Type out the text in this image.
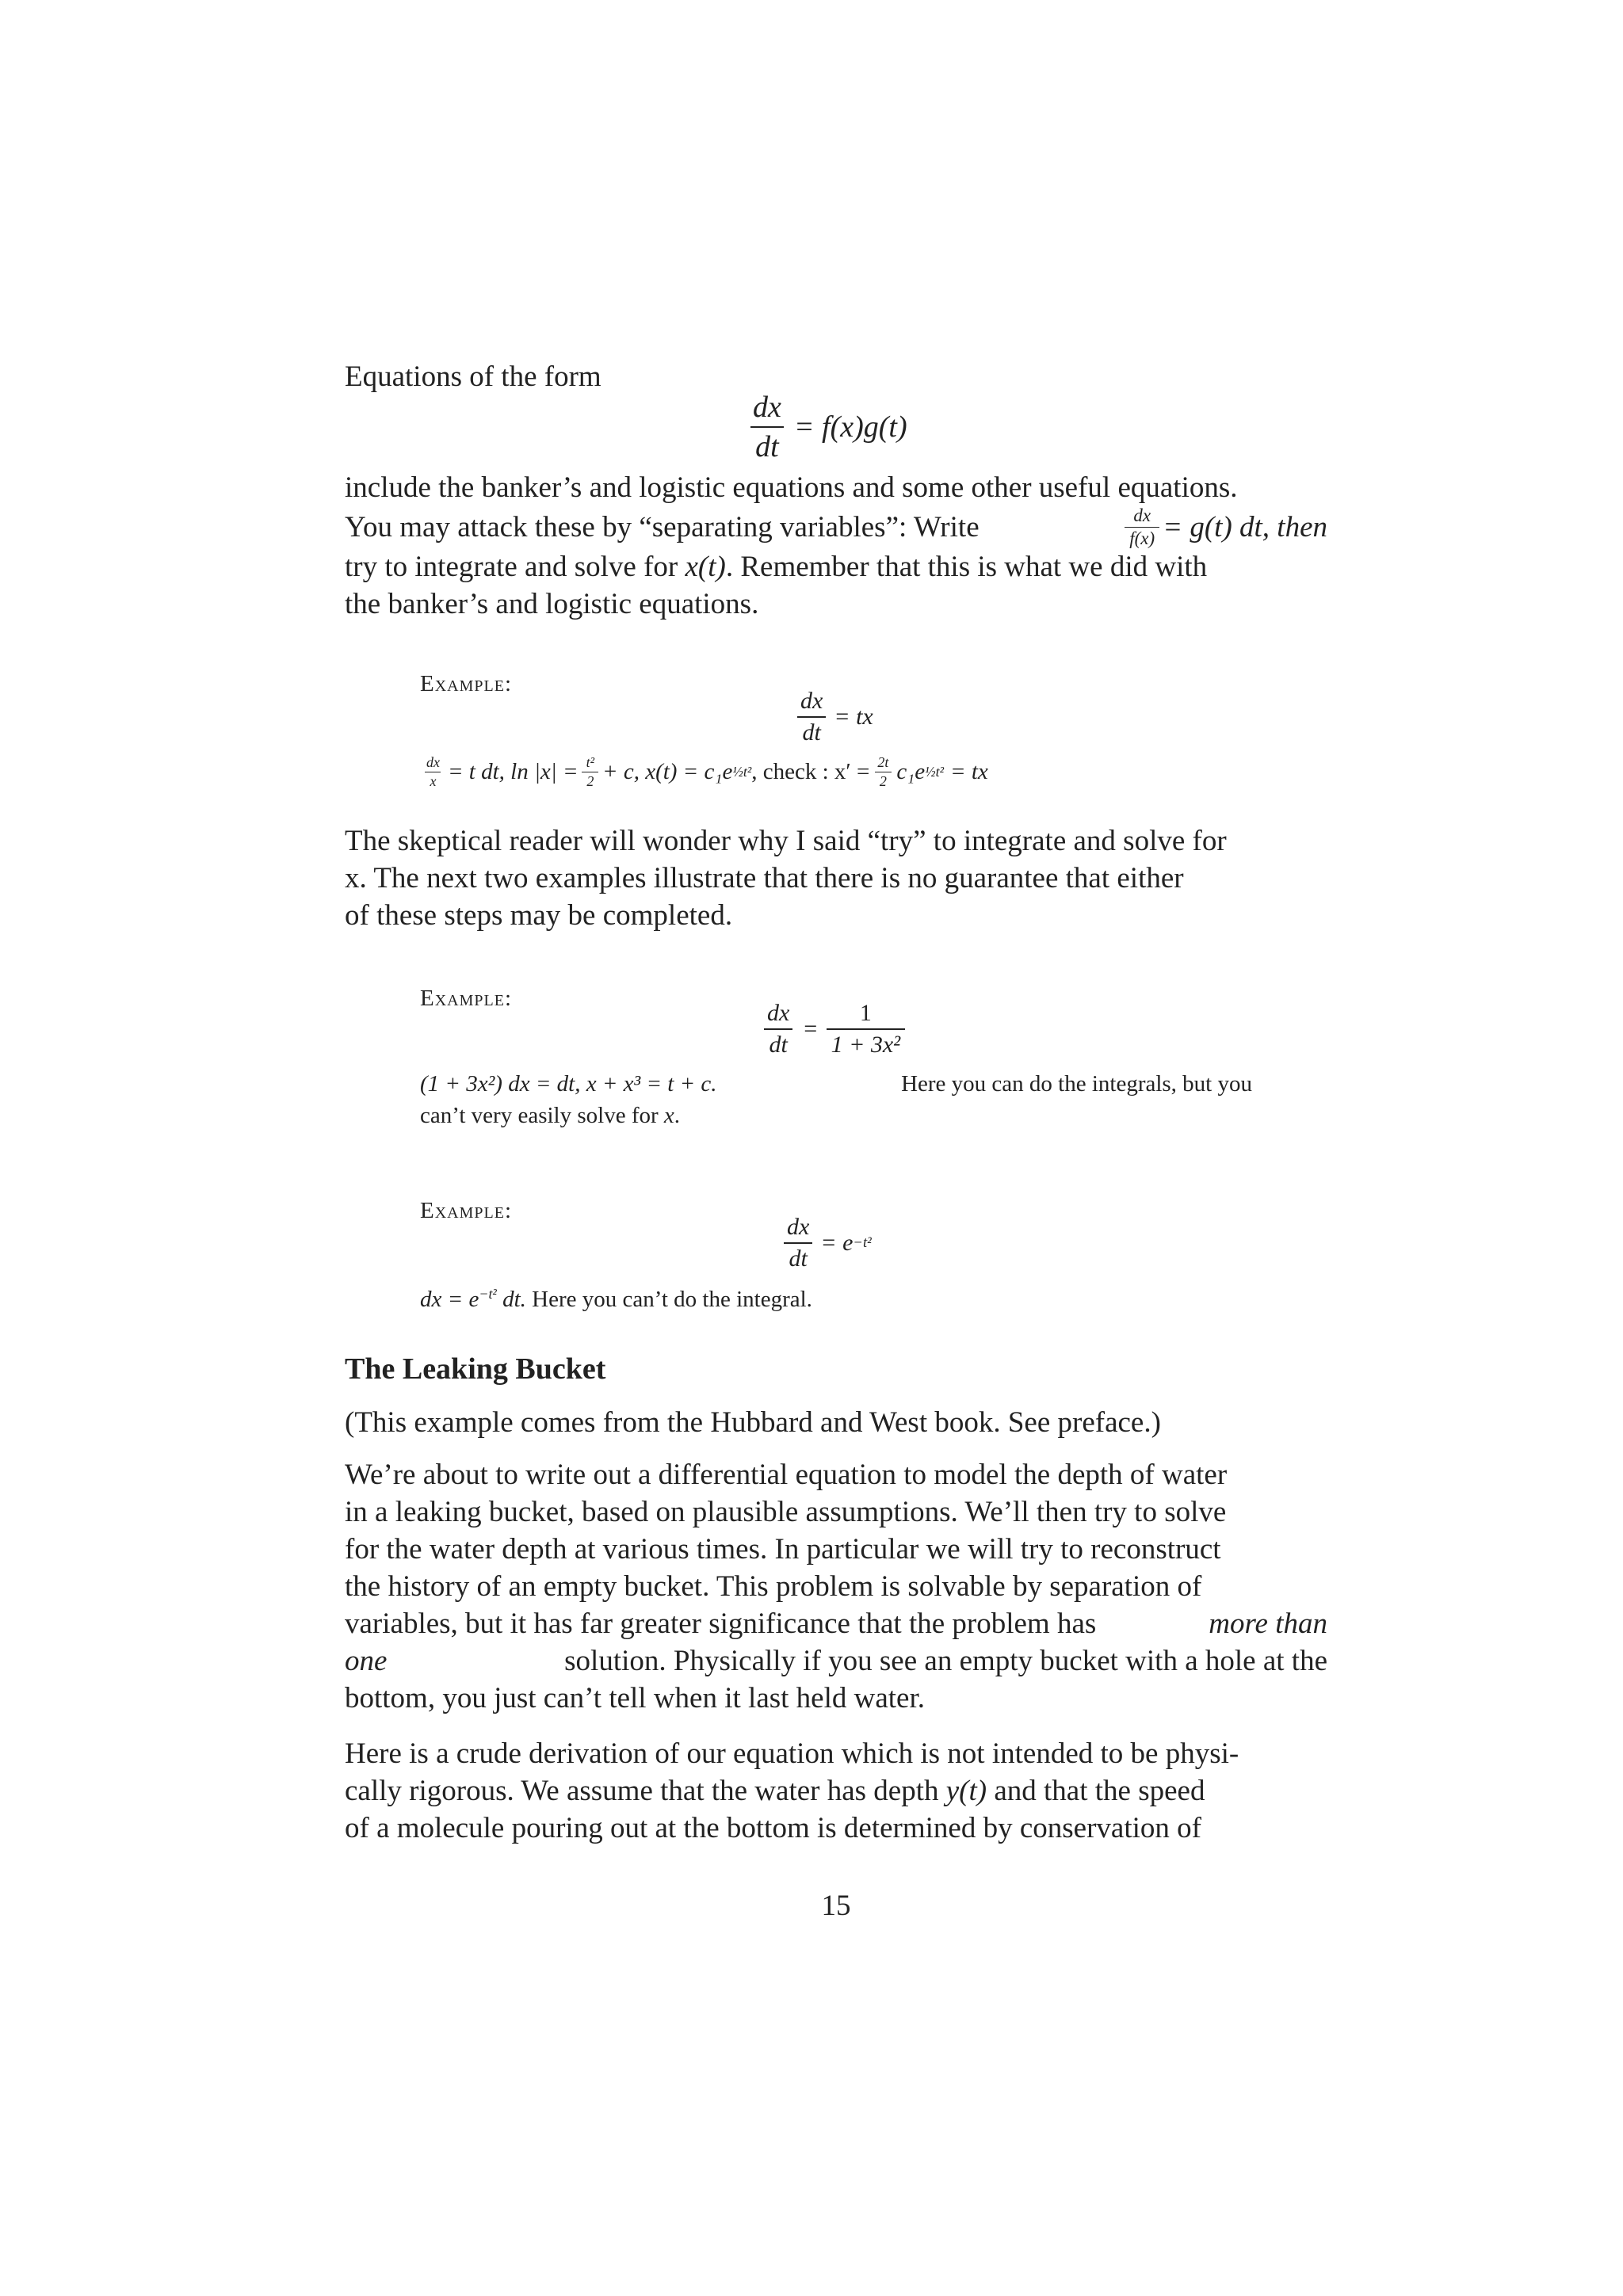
Equations of the form
$\frac{dx}{dt} = f(x)g(t)$
include the banker’s and logistic equations and some other useful equations.
You may attack these by “separating variables”: Write	$\frac{dx}{f(x)} = g(t)$ dt, then
try to integrate and solve for x(t). Remember that this is what we did with
the banker’s and logistic equations.
Example:
$\frac{dx}{dt}$ = tx
$\frac{dx}{x} = t$ dt, $\ln |x| = \frac{\text{t²}}{2} + c$, x(t) = c₁e ½t² , check : $x' = \frac{2t}{2} c_1e$ ½t² = tx
The skeptical reader will wonder why I said “try” to integrate and solve for
x. The next two examples illustrate that there is no guarantee that either
of these steps may be completed.
Example:
$\frac{dx}{dt} = \frac{1}{\text{1 + 3x²}}$
(1 + 3x²) dx = dt, x + x³ = t + c.	Here you can do the integrals, but you
can’t very easily solve for x.
Example:
$\frac{dx}{dt} = e -t^2$
dx = $e^{-t^2}$ dt. Here you can’t do the integral.
The Leaking Bucket
(This example comes from the Hubbard and West book. See preface.)
We’re about to write out a differential equation to model the depth of water
in a leaking bucket, based on plausible assumptions. We’ll then try to solve
for the water depth at various times. In particular we will try to reconstruct
the history of an empty bucket. This problem is solvable by separation of
variables, but it has far greater significance that the problem has	more than
one	solution. Physically if you see an empty bucket with a hole at the
bottom, you just can’t tell when it last held water.
Here is a crude derivation of our equation which is not intended to be physi-
cally rigorous. We assume that the water has depth y(t) and that the speed
of a molecule pouring out at the bottom is determined by conservation of
15
